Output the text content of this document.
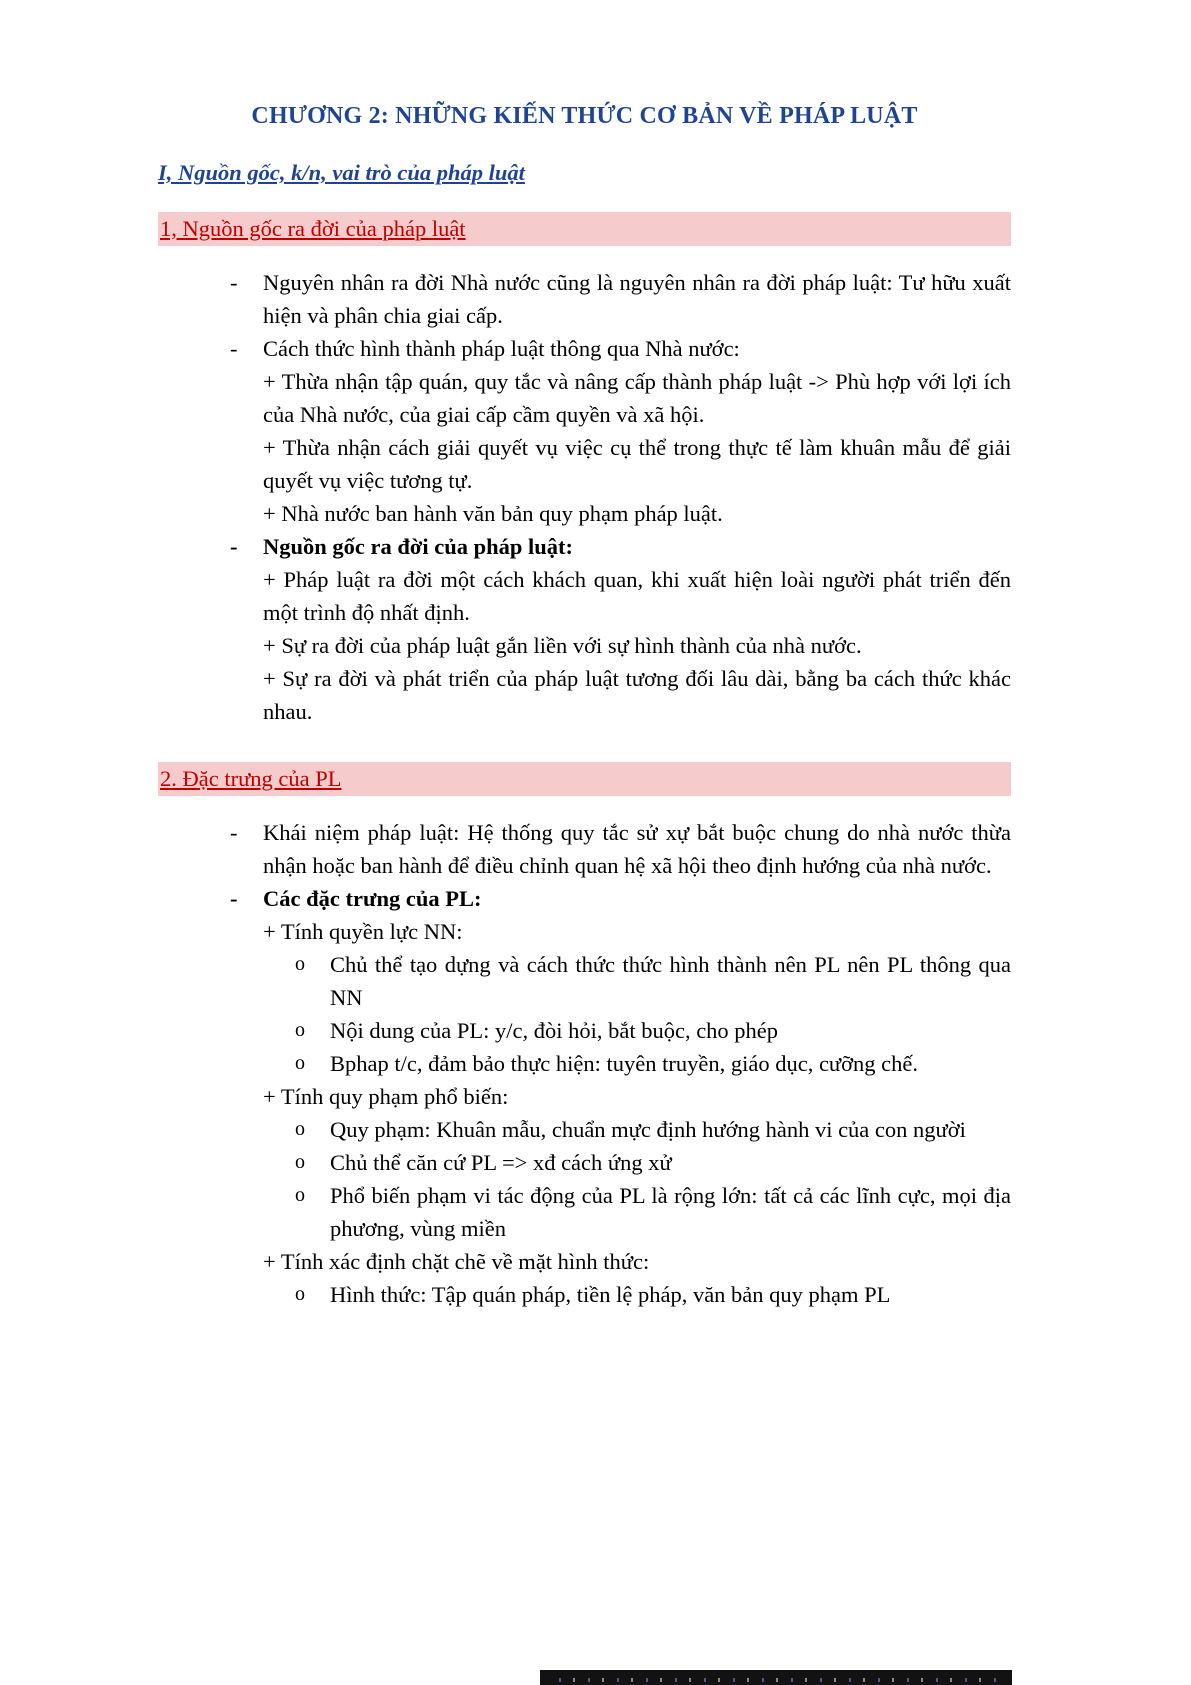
CHƯƠNG 2: NHỮNG KIẾN THỨC CƠ BẢN VỀ PHÁP LUẬT
I, Nguồn gốc, k/n, vai trò của pháp luật
1, Nguồn gốc ra đời của pháp luật
-	Nguyên nhân ra đời Nhà nước cũng là nguyên nhân ra đời pháp luật: Tư hữu xuất hiện và phân chia giai cấp.
-	Cách thức hình thành pháp luật thông qua Nhà nước:
+ Thừa nhận tập quán, quy tắc và nâng cấp thành pháp luật -> Phù hợp với lợi ích của Nhà nước, của giai cấp cầm quyền và xã hội.
+ Thừa nhận cách giải quyết vụ việc cụ thể trong thực tế làm khuân mẫu để giải quyết vụ việc tương tự.
+ Nhà nước ban hành văn bản quy phạm pháp luật.
-	Nguồn gốc ra đời của pháp luật:
+ Pháp luật ra đời một cách khách quan, khi xuất hiện loài người phát triển đến một trình độ nhất định.
+ Sự ra đời của pháp luật gắn liền với sự hình thành của nhà nước.
+ Sự ra đời và phát triển của pháp luật tương đối lâu dài, bằng ba cách thức khác nhau.
2. Đặc trưng của PL
-	Khái niệm pháp luật: Hệ thống quy tắc sử xự bắt buộc chung do nhà nước thừa nhận hoặc ban hành để điều chỉnh quan hệ xã hội theo định hướng của nhà nước.
-	Các đặc trưng của PL:
+ Tính quyền lực NN:
o	Chủ thể tạo dựng và cách thức thức hình thành nên PL nên PL thông qua NN
o	Nội dung của PL: y/c, đòi hỏi, bắt buộc, cho phép
o	Bphap t/c, đảm bảo thực hiện: tuyên truyền, giáo dục, cưỡng chế.
+ Tính quy phạm phổ biến:
o	Quy phạm: Khuân mẫu, chuẩn mực định hướng hành vi của con người
o	Chủ thể căn cứ PL => xđ cách ứng xử
o	Phổ biến phạm vi tác động của PL là rộng lớn: tất cả các lĩnh cực, mọi địa phương, vùng miền
+ Tính xác định chặt chẽ về mặt hình thức:
o	Hình thức: Tập quán pháp, tiền lệ pháp, văn bản quy phạm PL
